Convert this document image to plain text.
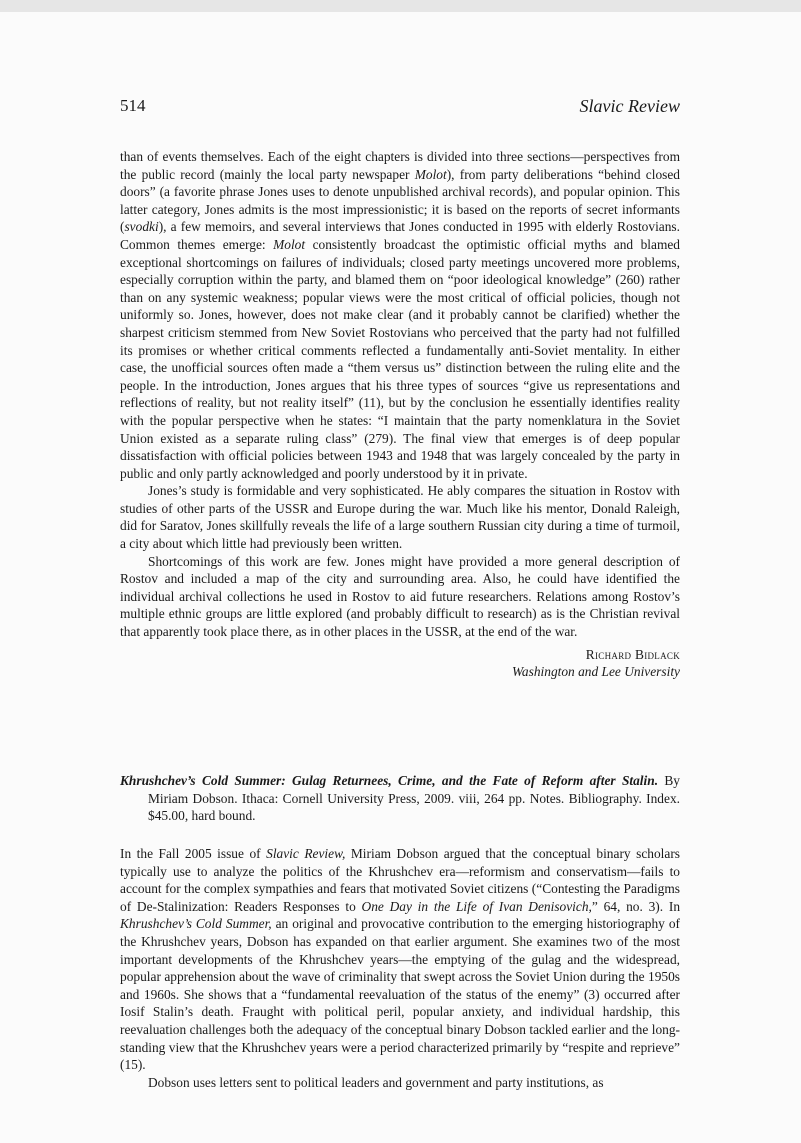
514	Slavic Review

than of events themselves. Each of the eight chapters is divided into three sections—perspectives from the public record (mainly the local party newspaper Molot), from party deliberations “behind closed doors” (a favorite phrase Jones uses to denote unpublished archival records), and popular opinion. This latter category, Jones admits is the most impressionistic; it is based on the reports of secret informants (svodki), a few memoirs, and several interviews that Jones conducted in 1995 with elderly Rostovians. Common themes emerge: Molot consistently broadcast the optimistic official myths and blamed exceptional shortcomings on failures of individuals; closed party meetings uncovered more problems, especially corruption within the party, and blamed them on “poor ideological knowledge” (260) rather than on any systemic weakness; popular views were the most critical of official policies, though not uniformly so. Jones, however, does not make clear (and it probably cannot be clarified) whether the sharpest criticism stemmed from New Soviet Rostovians who perceived that the party had not fulfilled its promises or whether critical comments reflected a fundamentally anti-Soviet mentality. In either case, the unofficial sources often made a “them versus us” distinction between the ruling elite and the people. In the introduction, Jones argues that his three types of sources “give us representations and reflections of reality, but not reality itself” (11), but by the conclusion he essentially identifies reality with the popular perspective when he states: “I maintain that the party nomenklatura in the Soviet Union existed as a separate ruling class” (279). The final view that emerges is of deep popular dissatisfaction with official policies between 1943 and 1948 that was largely concealed by the party in public and only partly acknowledged and poorly understood by it in private.

Jones’s study is formidable and very sophisticated. He ably compares the situation in Rostov with studies of other parts of the USSR and Europe during the war. Much like his mentor, Donald Raleigh, did for Saratov, Jones skillfully reveals the life of a large southern Russian city during a time of turmoil, a city about which little had previously been written.

Shortcomings of this work are few. Jones might have provided a more general description of Rostov and included a map of the city and surrounding area. Also, he could have identified the individual archival collections he used in Rostov to aid future researchers. Relations among Rostov’s multiple ethnic groups are little explored (and probably difficult to research) as is the Christian revival that apparently took place there, as in other places in the USSR, at the end of the war.

Richard Bidlack

Washington and Lee University

Khrushchev’s Cold Summer: Gulag Returnees, Crime, and the Fate of Reform after Stalin. By Miriam Dobson. Ithaca: Cornell University Press, 2009. viii, 264 pp. Notes. Bibliography. Index. $45.00, hard bound.

In the Fall 2005 issue of Slavic Review, Miriam Dobson argued that the conceptual binary scholars typically use to analyze the politics of the Khrushchev era—reformism and conservatism—fails to account for the complex sympathies and fears that motivated Soviet citizens (“Contesting the Paradigms of De-Stalinization: Readers Responses to One Day in the Life of Ivan Denisovich,” 64, no. 3). In Khrushchev’s Cold Summer, an original and provocative contribution to the emerging historiography of the Khrushchev years, Dobson has expanded on that earlier argument. She examines two of the most important developments of the Khrushchev years—the emptying of the gulag and the widespread, popular apprehension about the wave of criminality that swept across the Soviet Union during the 1950s and 1960s. She shows that a “fundamental reevaluation of the status of the enemy” (3) occurred after Iosif Stalin’s death. Fraught with political peril, popular anxiety, and individual hardship, this reevaluation challenges both the adequacy of the conceptual binary Dobson tackled earlier and the long-standing view that the Khrushchev years were a period characterized primarily by “respite and reprieve” (15).

Dobson uses letters sent to political leaders and government and party institutions, as
